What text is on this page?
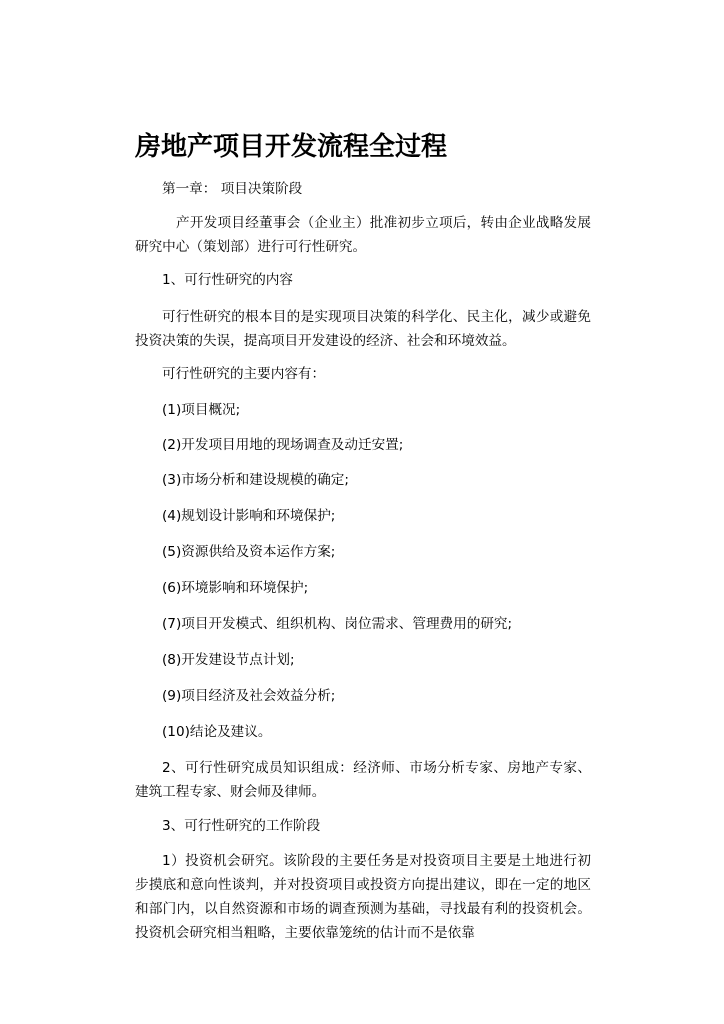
房地产项目开发流程全过程
第一章： 项目决策阶段
产开发项目经董事会（企业主）批准初步立项后，转由企业战略发展研究中心（策划部）进行可行性研究。
1、可行性研究的内容
可行性研究的根本目的是实现项目决策的科学化、民主化，减少或避免投资决策的失误，提高项目开发建设的经济、社会和环境效益。
可行性研究的主要内容有：
(1)项目概况;
(2)开发项目用地的现场调查及动迁安置;
(3)市场分析和建设规模的确定;
(4)规划设计影响和环境保护;
(5)资源供给及资本运作方案;
(6)环境影响和环境保护;
(7)项目开发模式、组织机构、岗位需求、管理费用的研究;
(8)开发建设节点计划;
(9)项目经济及社会效益分析;
(10)结论及建议。
2、可行性研究成员知识组成：经济师、市场分析专家、房地产专家、建筑工程专家、财会师及律师。
3、可行性研究的工作阶段
1）投资机会研究。该阶段的主要任务是对投资项目主要是土地进行初步摸底和意向性谈判，并对投资项目或投资方向提出建议，即在一定的地区和部门内，以自然资源和市场的调查预测为基础，寻找最有利的投资机会。投资机会研究相当粗略，主要依靠笼统的估计而不是依靠
